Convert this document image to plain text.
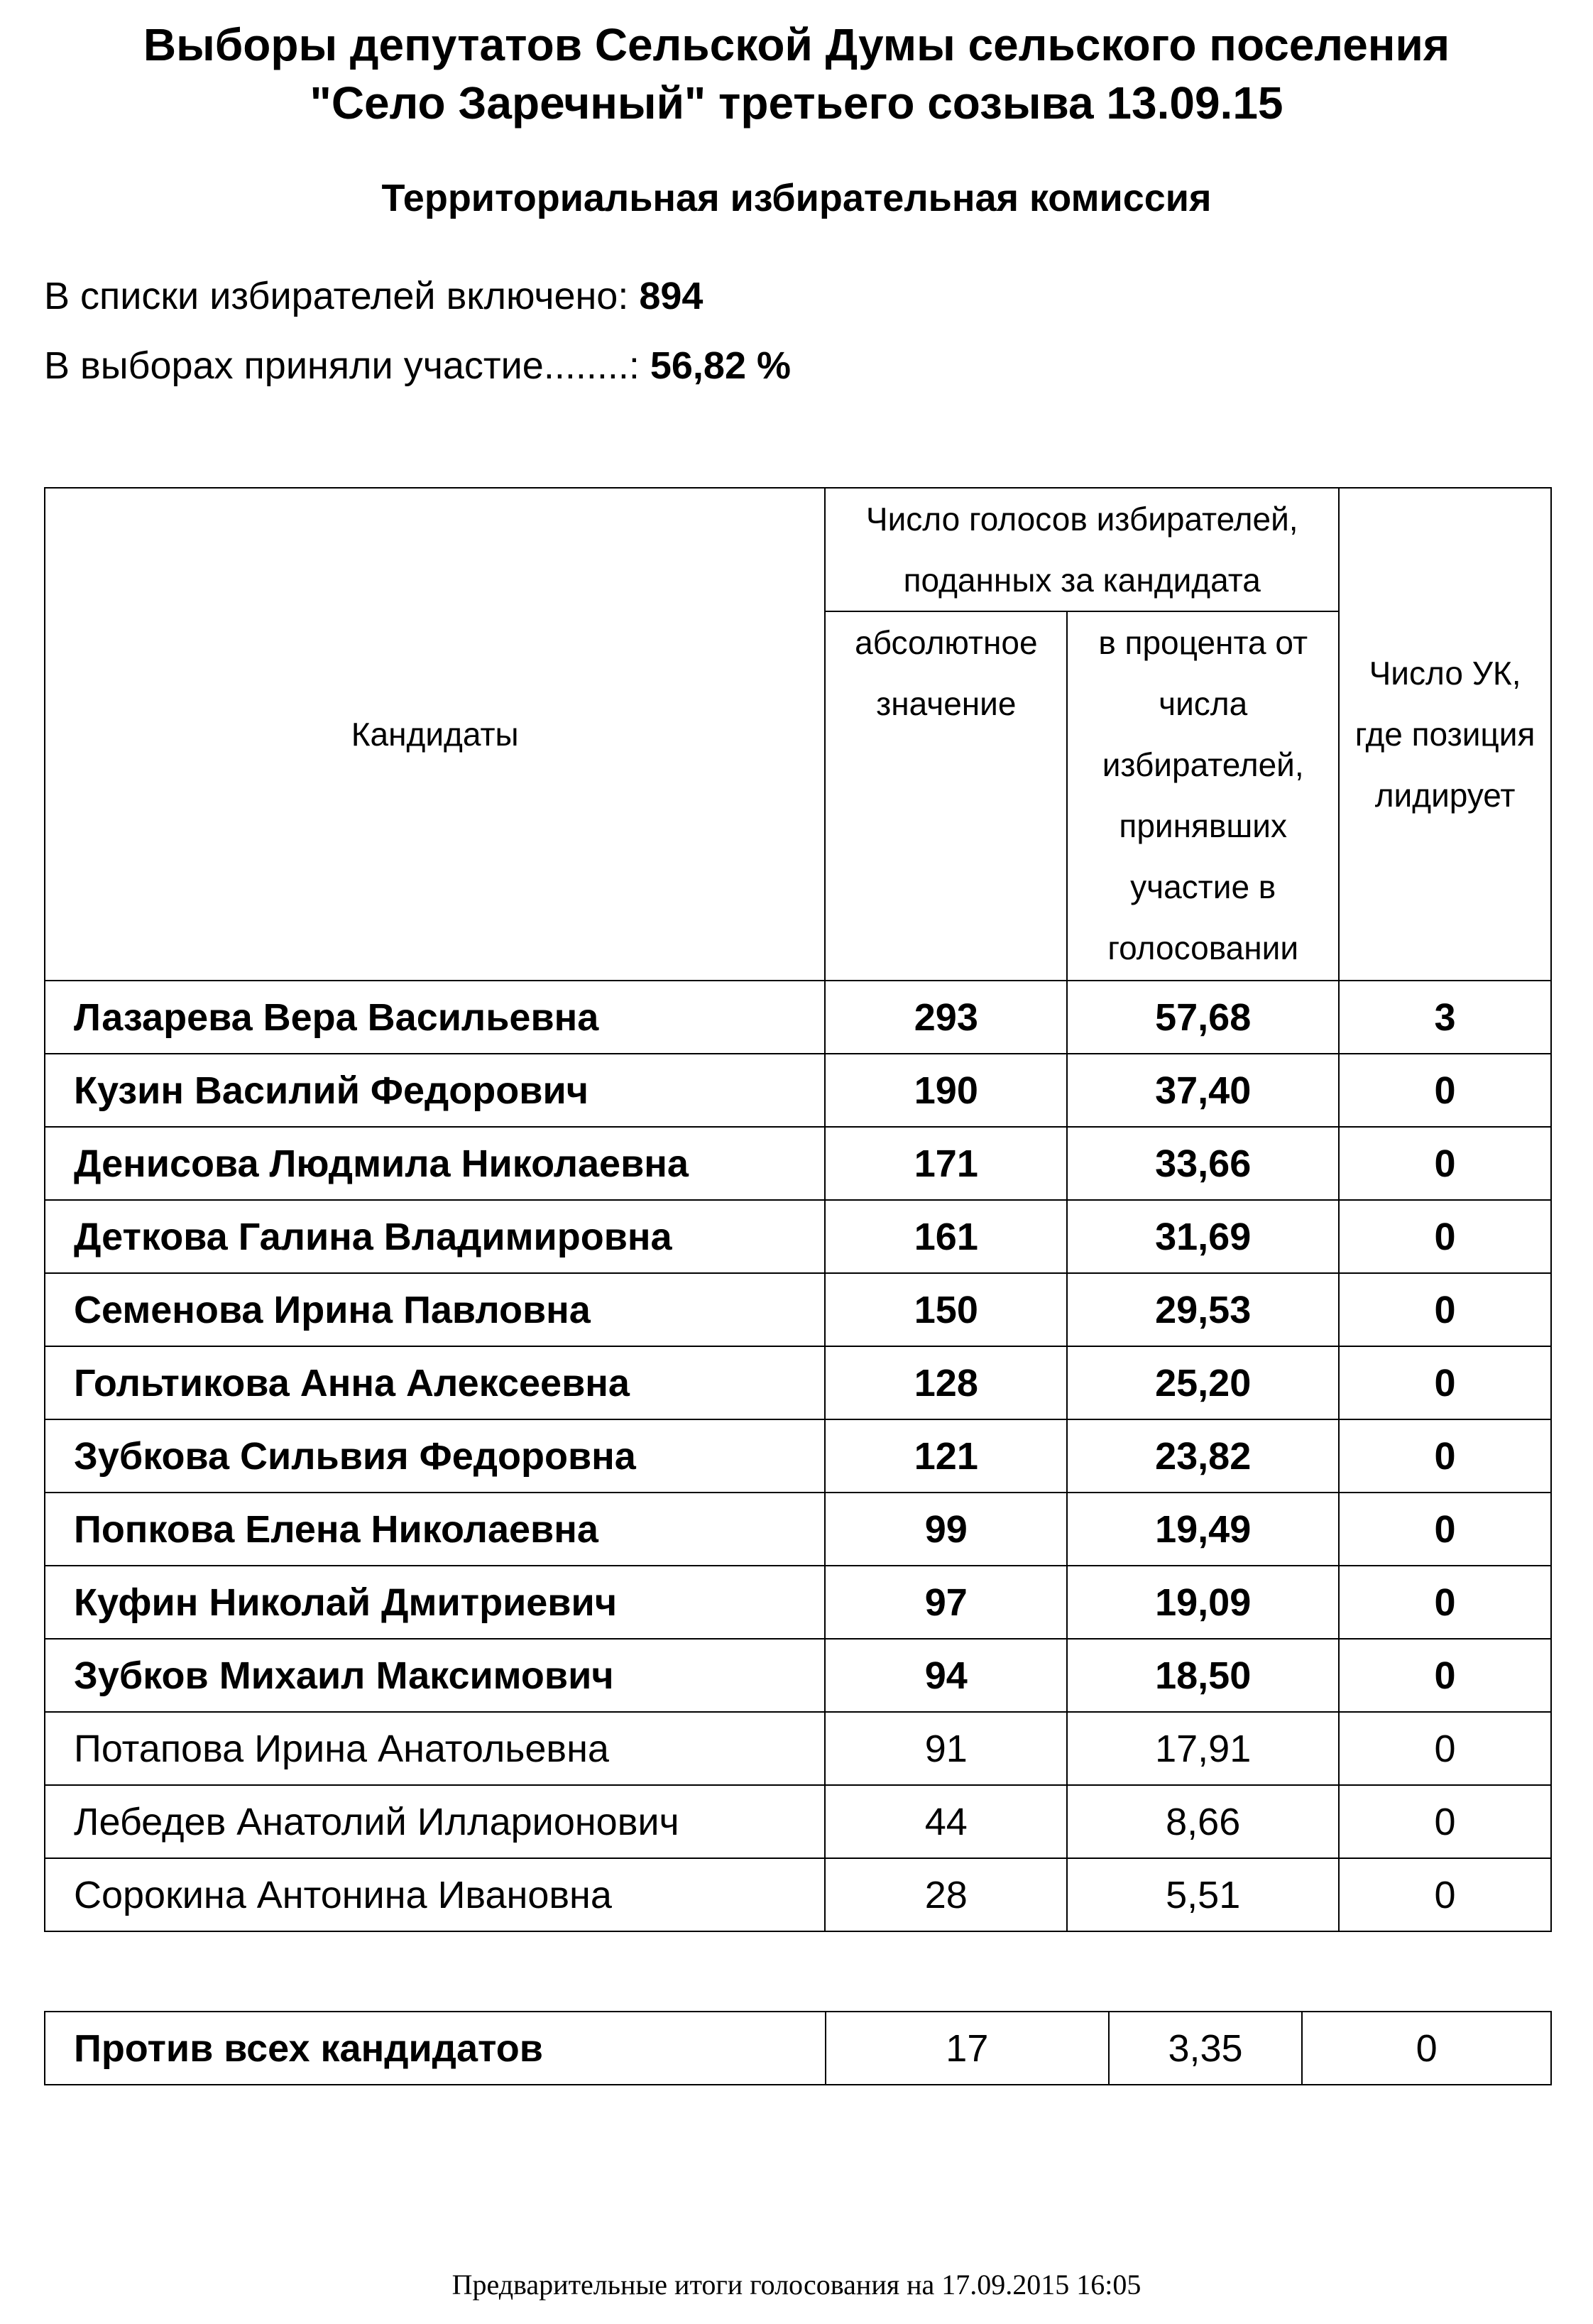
Выборы депутатов Сельской Думы сельского поселения
"Село Заречный" третьего созыва 13.09.15
Территориальная избирательная комиссия
В списки избирателей включено: 894
В выборах приняли участие........: 56,82 %
Кандидаты	Число голосов избирателей, поданных за кандидата		Число УК, где позиция лидирует
	абсолютное значение	в процента от числа избирателей, принявших участие в голосовании	
Лазарева Вера Васильевна	293	57,68	3
Кузин Василий Федорович	190	37,40	0
Денисова Людмила Николаевна	171	33,66	0
Деткова Галина Владимировна	161	31,69	0
Семенова Ирина Павловна	150	29,53	0
Гольтикова Анна Алексеевна	128	25,20	0
Зубкова Сильвия Федоровна	121	23,82	0
Попкова Елена Николаевна	99	19,49	0
Куфин Николай Дмитриевич	97	19,09	0
Зубков Михаил Максимович	94	18,50	0
Потапова Ирина Анатольевна	91	17,91	0
Лебедев Анатолий Илларионович	44	8,66	0
Сорокина Антонина Ивановна	28	5,51	0
Против всех кандидатов	17	3,35	0
Предварительные итоги голосования на 17.09.2015 16:05
